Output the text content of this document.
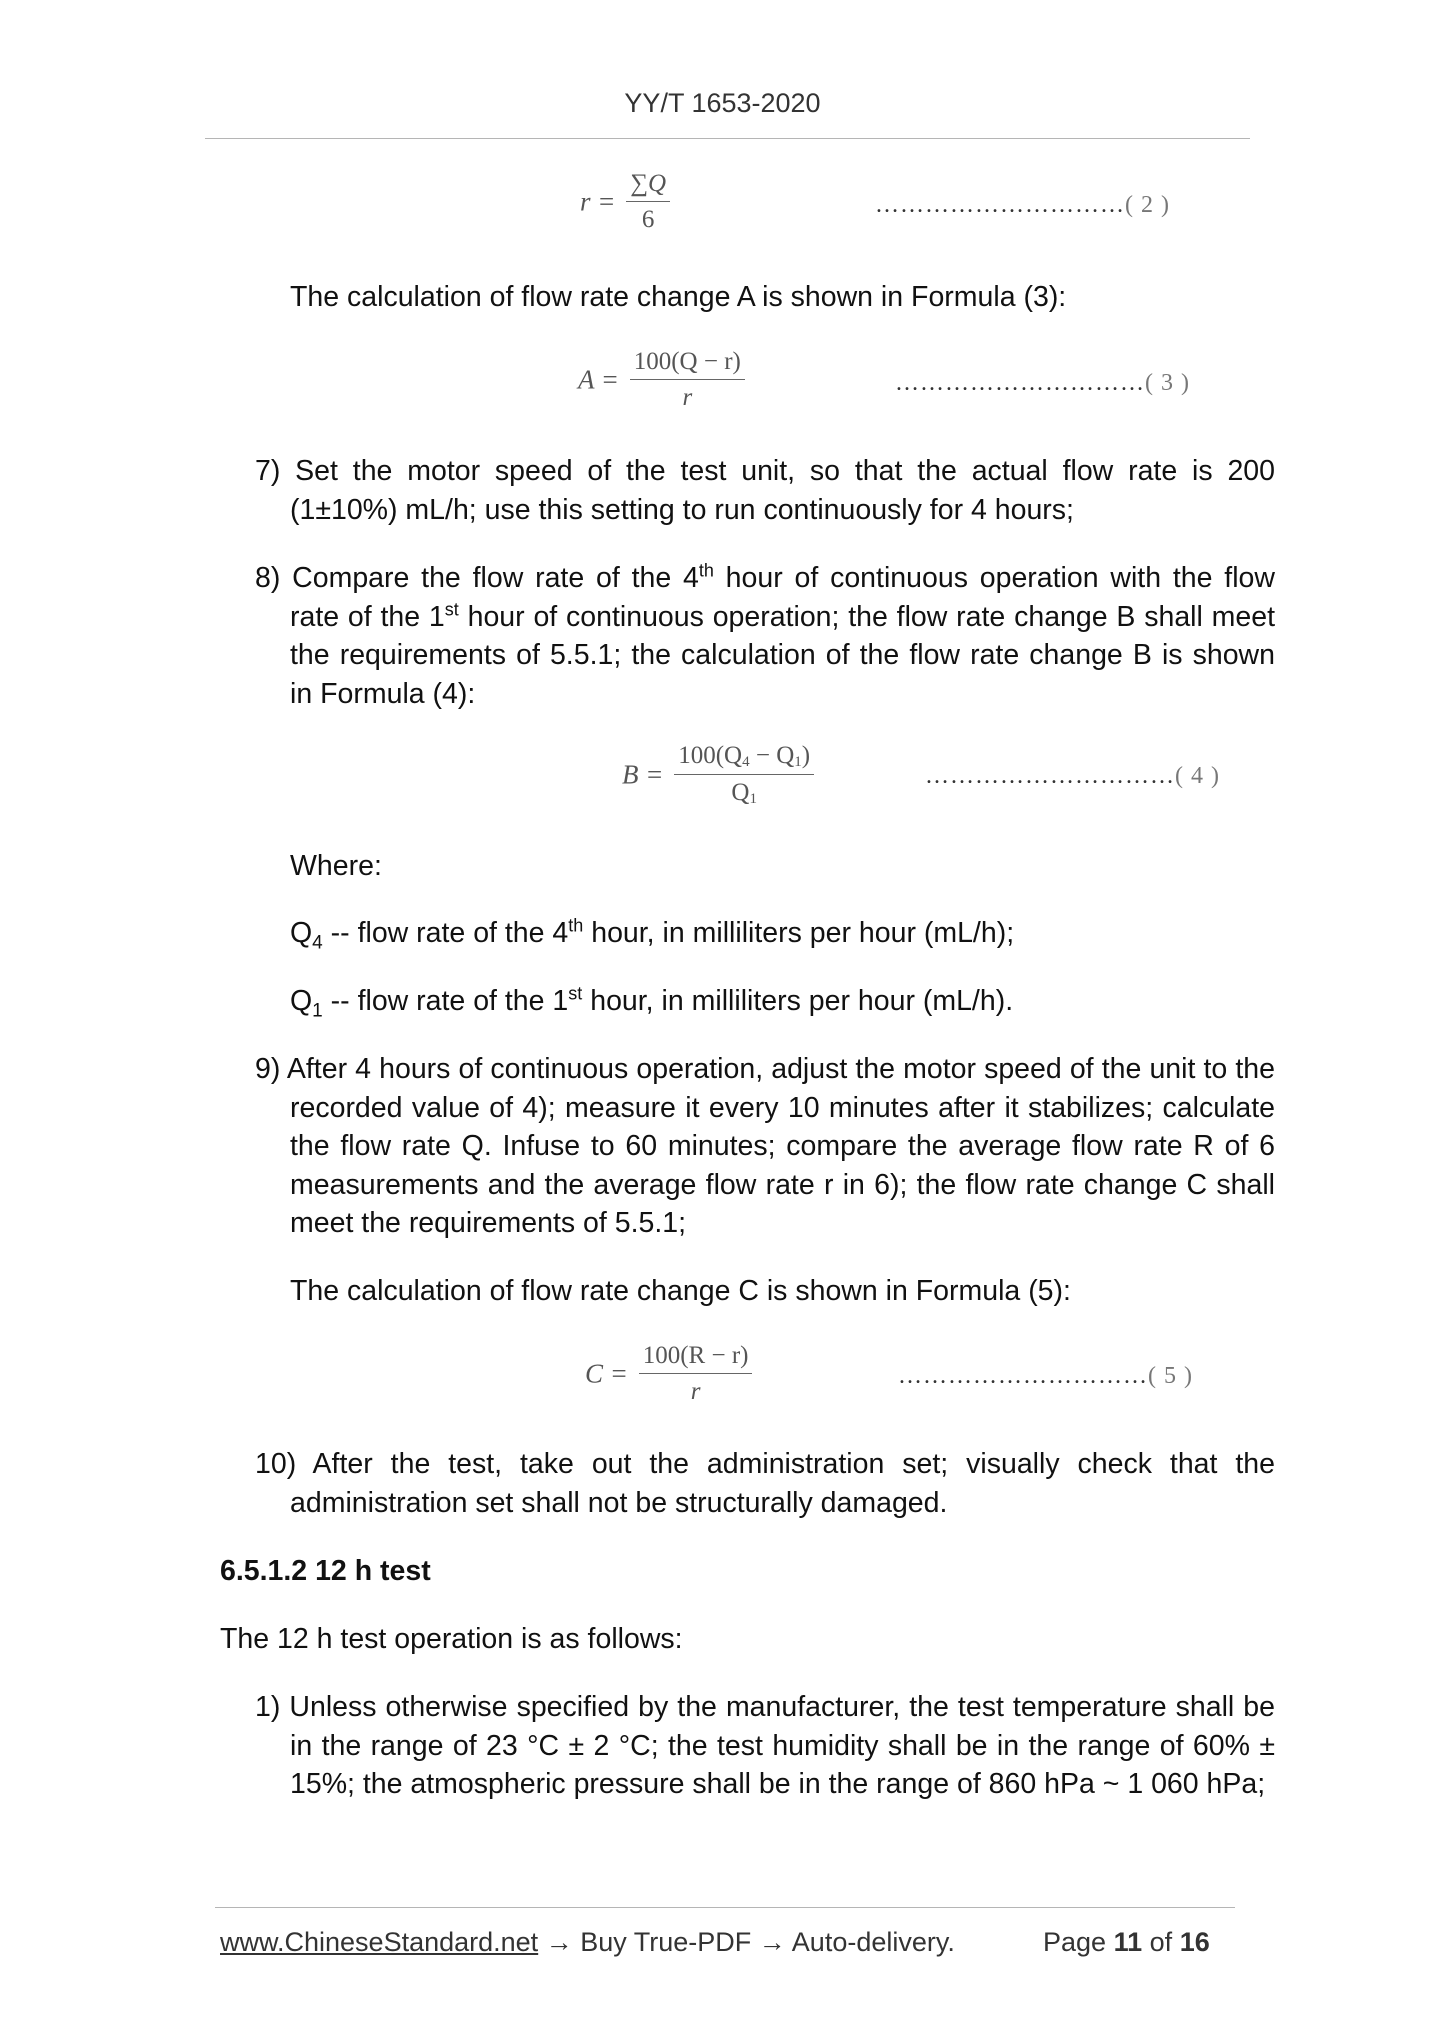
YY/T 1653-2020
$r = \frac{\sum Q}{6}$	…………………………( 2 )
The calculation of flow rate change A is shown in Formula (3):
$A = \frac{100(Q - r)}{r}$	…………………………( 3 )
7) Set the motor speed of the test unit, so that the actual flow rate is 200 (1±10%) mL/h; use this setting to run continuously for 4 hours;
8) Compare the flow rate of the 4th hour of continuous operation with the flow rate of the 1st hour of continuous operation; the flow rate change B shall meet the requirements of 5.5.1; the calculation of the flow rate change B is shown in Formula (4):
$B = \frac{100(Q4 - Q1)}{Q1}$	…………………………( 4 )
Where:
$Q_4$ -- flow rate of the 4th hour, in milliliters per hour (mL/h);
$Q_1$ -- flow rate of the 1st hour, in milliliters per hour (mL/h).
9) After 4 hours of continuous operation, adjust the motor speed of the unit to the recorded value of 4); measure it every 10 minutes after it stabilizes; calculate the flow rate Q. Infuse to 60 minutes; compare the average flow rate R of 6 measurements and the average flow rate r in 6); the flow rate change C shall meet the requirements of 5.5.1;
The calculation of flow rate change C is shown in Formula (5):
$C = \frac{100(R - r)}{r}$	…………………………( 5 )
10) After the test, take out the administration set; visually check that the administration set shall not be structurally damaged.
6.5.1.2 12 h test
The 12 h test operation is as follows:
1) Unless otherwise specified by the manufacturer, the test temperature shall be in the range of 23 °C ± 2 °C; the test humidity shall be in the range of 60% ± 15%; the atmospheric pressure shall be in the range of 860 hPa ~ 1 060 hPa;
www.ChineseStandard.net → Buy True-PDF → Auto-delivery.	Page 11 of 16
